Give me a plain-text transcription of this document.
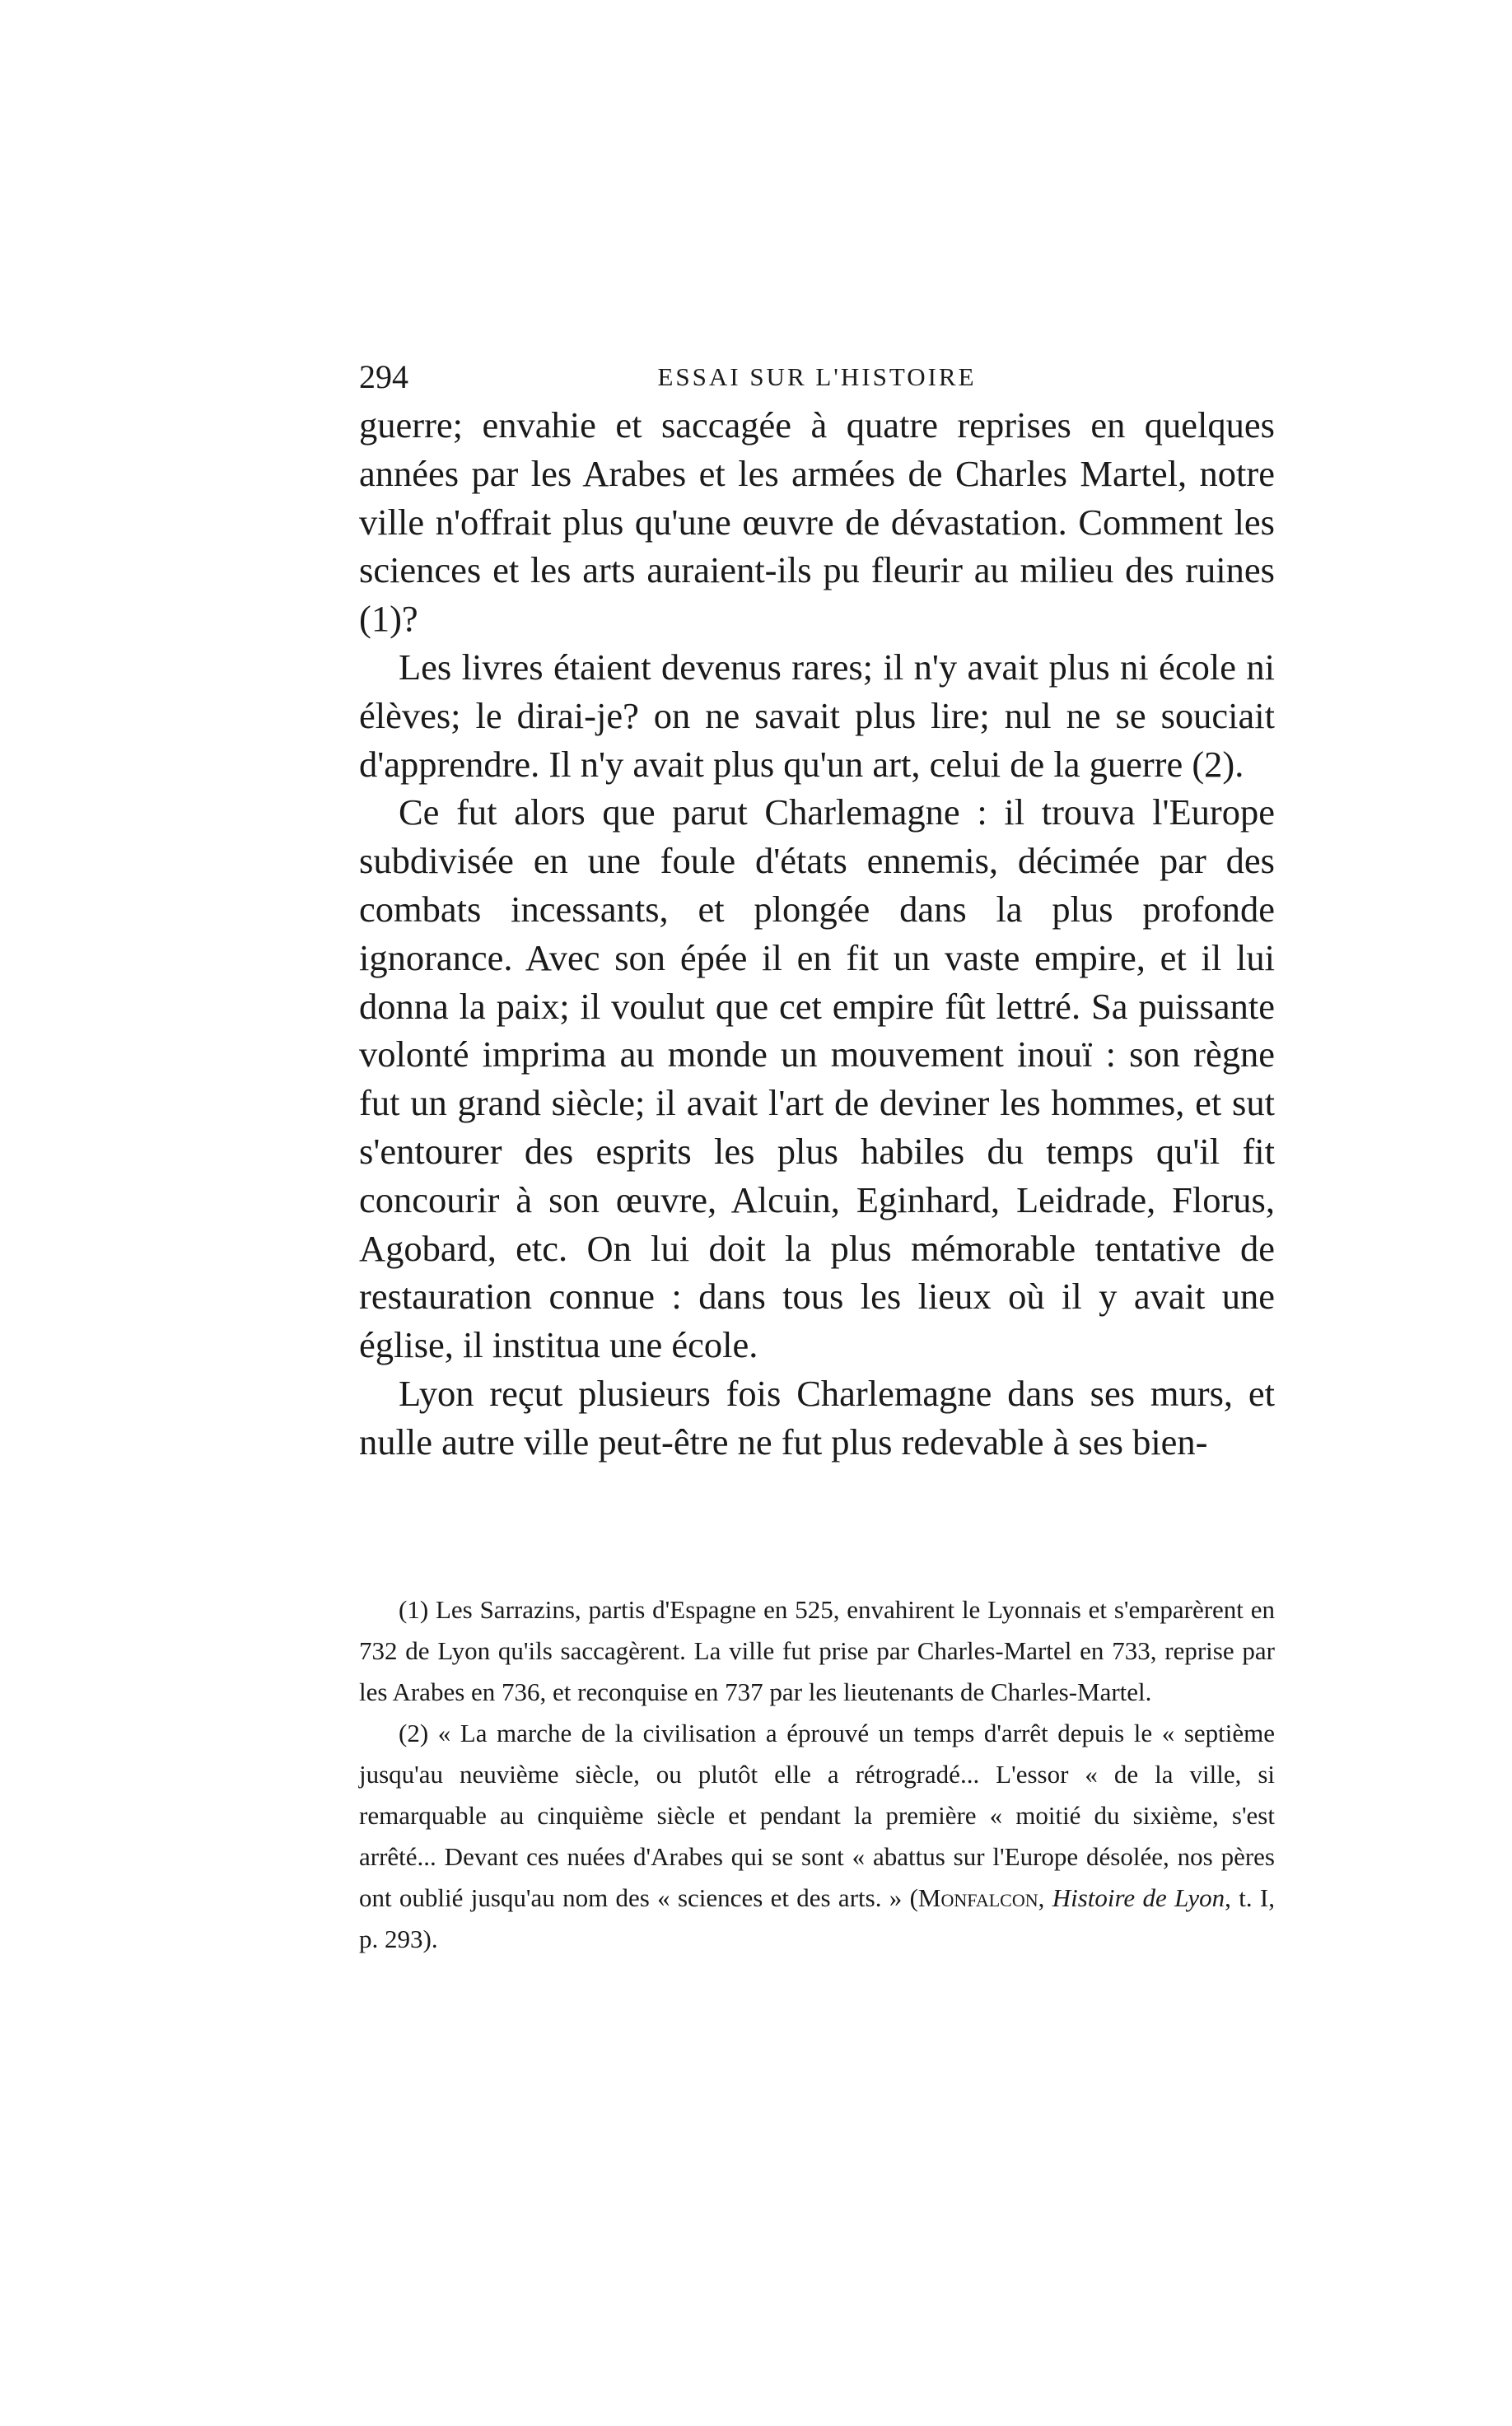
294	ESSAI SUR L'HISTOIRE

guerre; envahie et saccagée à quatre reprises en quelques années par les Arabes et les armées de Charles Martel, notre ville n'offrait plus qu'une œuvre de dévastation. Comment les sciences et les arts auraient-ils pu fleurir au milieu des ruines (1)?

Les livres étaient devenus rares; il n'y avait plus ni école ni élèves; le dirai-je? on ne savait plus lire; nul ne se souciait d'apprendre. Il n'y avait plus qu'un art, celui de la guerre (2).

Ce fut alors que parut Charlemagne : il trouva l'Europe subdivisée en une foule d'états ennemis, décimée par des combats incessants, et plongée dans la plus profonde ignorance. Avec son épée il en fit un vaste empire, et il lui donna la paix; il voulut que cet empire fût lettré. Sa puissante volonté imprima au monde un mouvement inouï : son règne fut un grand siècle; il avait l'art de deviner les hommes, et sut s'entourer des esprits les plus habiles du temps qu'il fit concourir à son œuvre, Alcuin, Eginhard, Leidrade, Florus, Agobard, etc. On lui doit la plus mémorable tentative de restauration connue : dans tous les lieux où il y avait une église, il institua une école.

Lyon reçut plusieurs fois Charlemagne dans ses murs, et nulle autre ville peut-être ne fut plus redevable à ses bien-

(1) Les Sarrazins, partis d'Espagne en 525, envahirent le Lyonnais et s'emparèrent en 732 de Lyon qu'ils saccagèrent. La ville fut prise par Charles-Martel en 733, reprise par les Arabes en 736, et reconquise en 737 par les lieutenants de Charles-Martel.

(2) « La marche de la civilisation a éprouvé un temps d'arrêt depuis le « septième jusqu'au neuvième siècle, ou plutôt elle a rétrogradé... L'essor « de la ville, si remarquable au cinquième siècle et pendant la première « moitié du sixième, s'est arrêté... Devant ces nuées d'Arabes qui se sont « abattus sur l'Europe désolée, nos pères ont oublié jusqu'au nom des « sciences et des arts. » (Monfalcon, Histoire de Lyon, t. I, p. 293).
